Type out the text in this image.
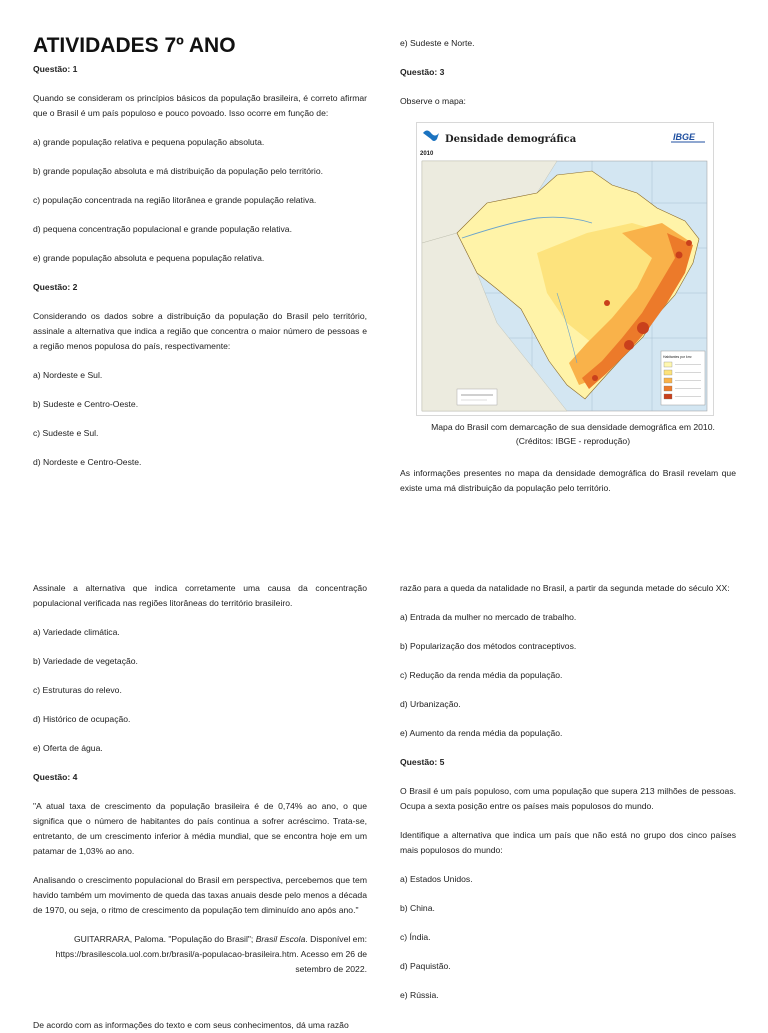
ATIVIDADES 7º ANO

Questão: 1

Quando se consideram os princípios básicos da população brasileira, é correto afirmar que o Brasil é um país populoso e pouco povoado. Isso ocorre em função de:

a) grande população relativa e pequena população absoluta.

b) grande população absoluta e má distribuição da população pelo território.

c) população concentrada na região litorânea e grande população relativa.

d) pequena concentração populacional e grande população relativa.

e) grande população absoluta e pequena população relativa.

Questão: 2

Considerando os dados sobre a distribuição da população do Brasil pelo território, assinale a alternativa que indica a região que concentra o maior número de pessoas e a região menos populosa do país, respectivamente:

a) Nordeste e Sul.

b) Sudeste e Centro-Oeste.

c) Sudeste e Sul.

d) Nordeste e Centro-Oeste.

e) Sudeste e Norte.

Questão: 3

Observe o mapa:

Densidade demográfica
2010
IBGE
Habitantes por km²

Mapa do Brasil com demarcação de sua densidade demográfica em 2010.

(Créditos: IBGE - reprodução)

As informações presentes no mapa da densidade demográfica do Brasil revelam que existe uma má distribuição da população pelo território.

Assinale a alternativa que indica corretamente uma causa da concentração populacional verificada nas regiões litorâneas do território brasileiro.

a) Variedade climática.

b) Variedade de vegetação.

c) Estruturas do relevo.

d) Histórico de ocupação.

e) Oferta de água.

Questão: 4

"A atual taxa de crescimento da população brasileira é de 0,74% ao ano, o que significa que o número de habitantes do país continua a sofrer acréscimo. Trata-se, entretanto, de um crescimento inferior à média mundial, que se encontra hoje em um patamar de 1,03% ao ano.

Analisando o crescimento populacional do Brasil em perspectiva, percebemos que tem havido também um movimento de queda das taxas anuais desde pelo menos a década de 1970, ou seja, o ritmo de crescimento da população tem diminuído ano após ano."

GUITARRARA, Paloma. "População do Brasil"; Brasil Escola. Disponível em: https://brasilescola.uol.com.br/brasil/a-populacao-brasileira.htm. Acesso em 26 de setembro de 2022.

De acordo com as informações do texto e com seus conhecimentos, dá uma razão

razão para a queda da natalidade no Brasil, a partir da segunda metade do século XX:

a) Entrada da mulher no mercado de trabalho.

b) Popularização dos métodos contraceptivos.

c) Redução da renda média da população.

d) Urbanização.

e) Aumento da renda média da população.

Questão: 5

O Brasil é um país populoso, com uma população que supera 213 milhões de pessoas. Ocupa a sexta posição entre os países mais populosos do mundo.

Identifique a alternativa que indica um país que não está no grupo dos cinco países mais populosos do mundo:

a) Estados Unidos.

b) China.

c) Índia.

d) Paquistão.

e) Rússia.
